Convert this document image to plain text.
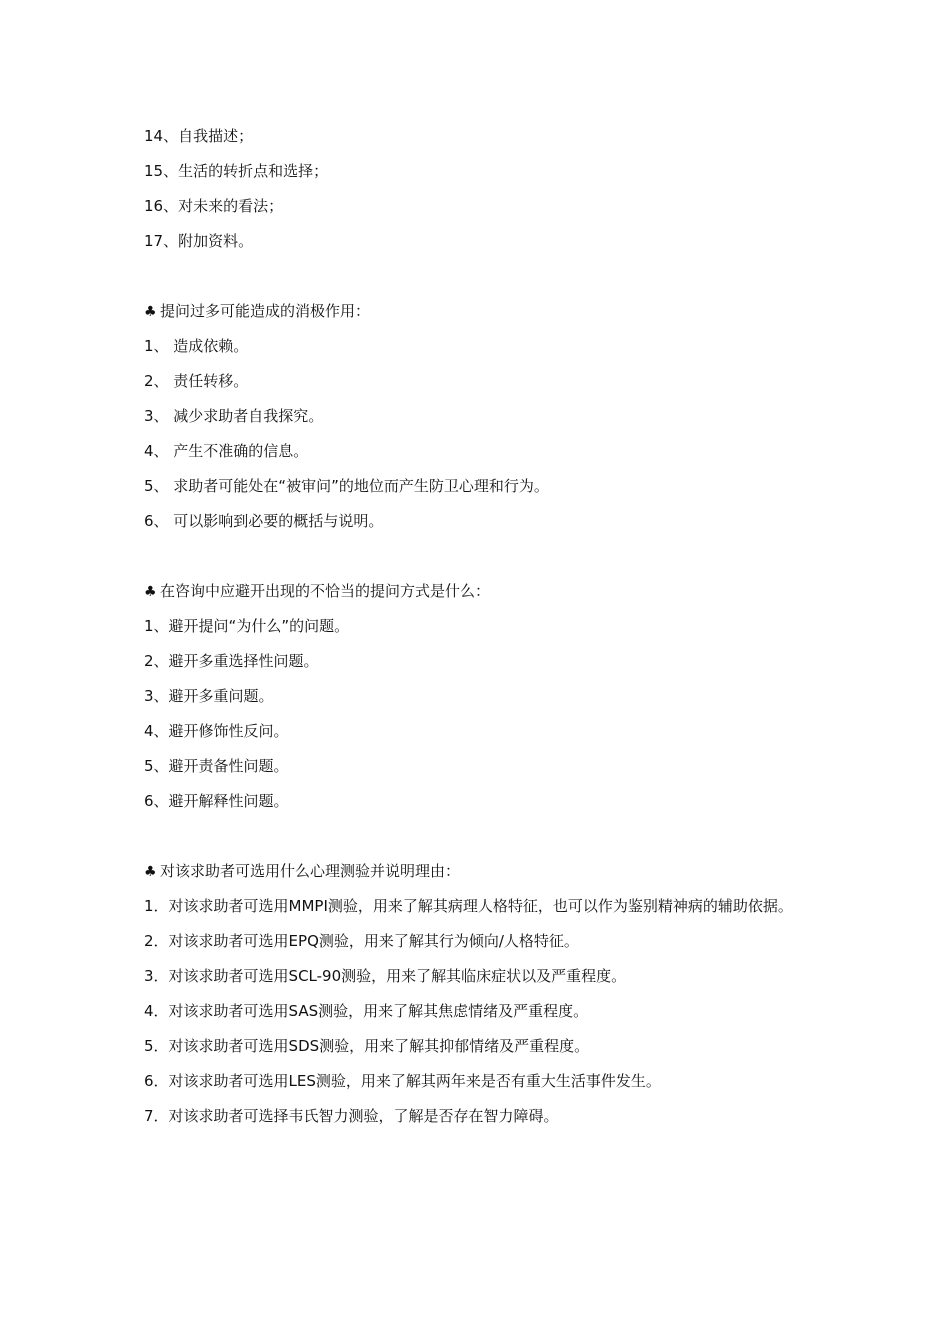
14、自我描述；

15、生活的转折点和选择；

16、对未来的看法；

17、附加资料。

♣ 提问过多可能造成的消极作用：

1、 造成依赖。

2、 责任转移。

3、 减少求助者自我探究。

4、 产生不准确的信息。

5、 求助者可能处在“被审问”的地位而产生防卫心理和行为。

6、 可以影响到必要的概括与说明。

♣ 在咨询中应避开出现的不恰当的提问方式是什么：

1、避开提问“为什么”的问题。

2、避开多重选择性问题。

3、避开多重问题。

4、避开修饰性反问。

5、避开责备性问题。

6、避开解释性问题。

♣ 对该求助者可选用什么心理测验并说明理由：

1．对该求助者可选用MMPI测验，用来了解其病理人格特征，也可以作为鉴别精神病的辅助依据。

2．对该求助者可选用EPQ测验，用来了解其行为倾向/人格特征。

3．对该求助者可选用SCL-90测验，用来了解其临床症状以及严重程度。

4．对该求助者可选用SAS测验，用来了解其焦虑情绪及严重程度。

5．对该求助者可选用SDS测验，用来了解其抑郁情绪及严重程度。

6．对该求助者可选用LES测验，用来了解其两年来是否有重大生活事件发生。

7．对该求助者可选择韦氏智力测验，了解是否存在智力障碍。
